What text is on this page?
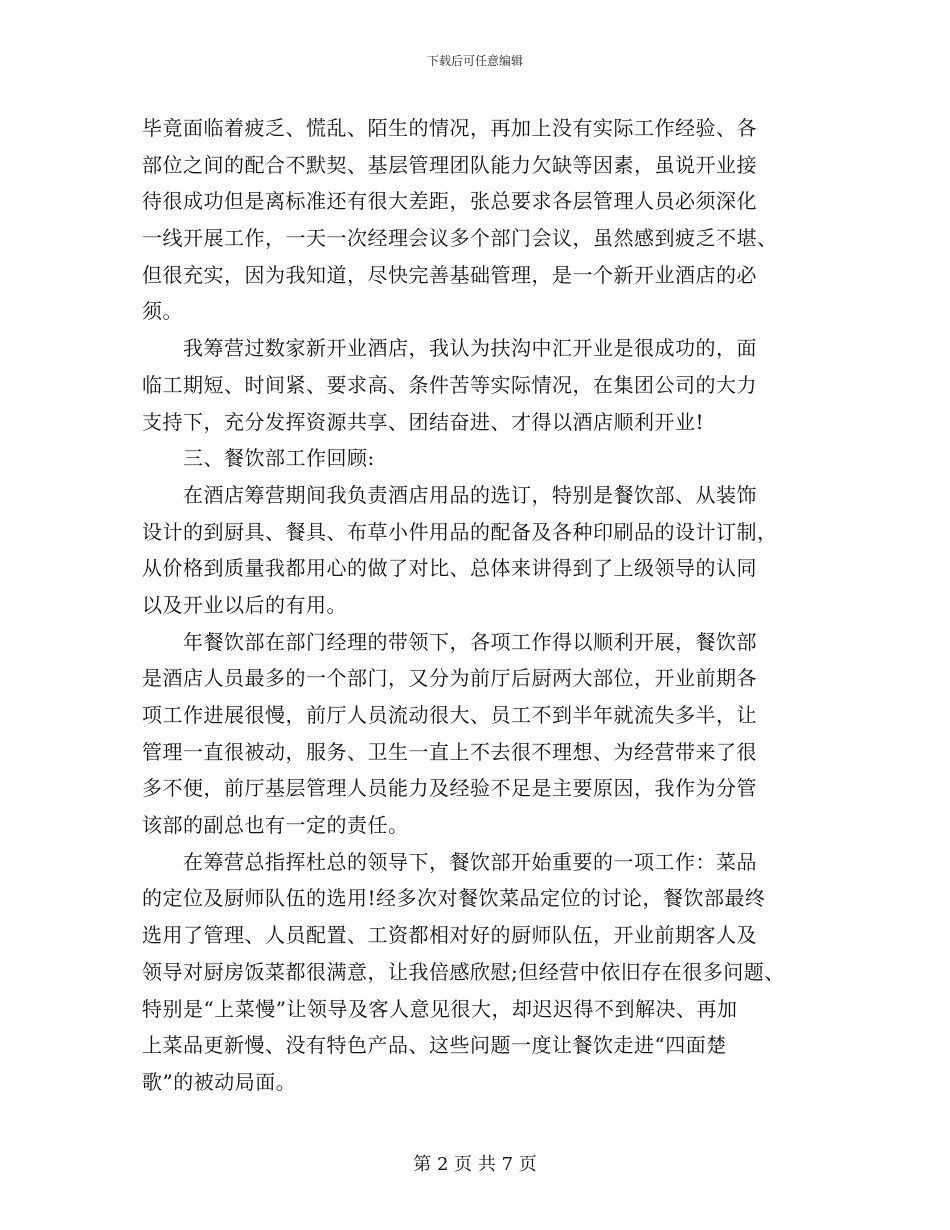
下载后可任意编辑
毕竟面临着疲乏、慌乱、陌生的情况，再加上没有实际工作经验、各
部位之间的配合不默契、基层管理团队能力欠缺等因素，虽说开业接
待很成功但是离标准还有很大差距，张总要求各层管理人员必须深化
一线开展工作，一天一次经理会议多个部门会议，虽然感到疲乏不堪、
但很充实，因为我知道，尽快完善基础管理，是一个新开业酒店的必
须。
　　我筹营过数家新开业酒店，我认为扶沟中汇开业是很成功的，面
临工期短、时间紧、要求高、条件苦等实际情况，在集团公司的大力
支持下，充分发挥资源共享、团结奋进、才得以酒店顺利开业!
　　三、餐饮部工作回顾:
　　在酒店筹营期间我负责酒店用品的选订，特别是餐饮部、从装饰
设计的到厨具、餐具、布草小件用品的配备及各种印刷品的设计订制，
从价格到质量我都用心的做了对比、总体来讲得到了上级领导的认同
以及开业以后的有用。
　　年餐饮部在部门经理的带领下，各项工作得以顺利开展，餐饮部
是酒店人员最多的一个部门，又分为前厅后厨两大部位，开业前期各
项工作进展很慢，前厅人员流动很大、员工不到半年就流失多半，让
管理一直很被动，服务、卫生一直上不去很不理想、为经营带来了很
多不便，前厅基层管理人员能力及经验不足是主要原因，我作为分管
该部的副总也有一定的责任。
　　在筹营总指挥杜总的领导下，餐饮部开始重要的一项工作：菜品
的定位及厨师队伍的选用!经多次对餐饮菜品定位的讨论，餐饮部最终
选用了管理、人员配置、工资都相对好的厨师队伍，开业前期客人及
领导对厨房饭菜都很满意，让我倍感欣慰;但经营中依旧存在很多问题、
特别是“上菜慢”让领导及客人意见很大，却迟迟得不到解决、再加
上菜品更新慢、没有特色产品、这些问题一度让餐饮走进“四面楚
歌”的被动局面。
第 2 页 共 7 页
